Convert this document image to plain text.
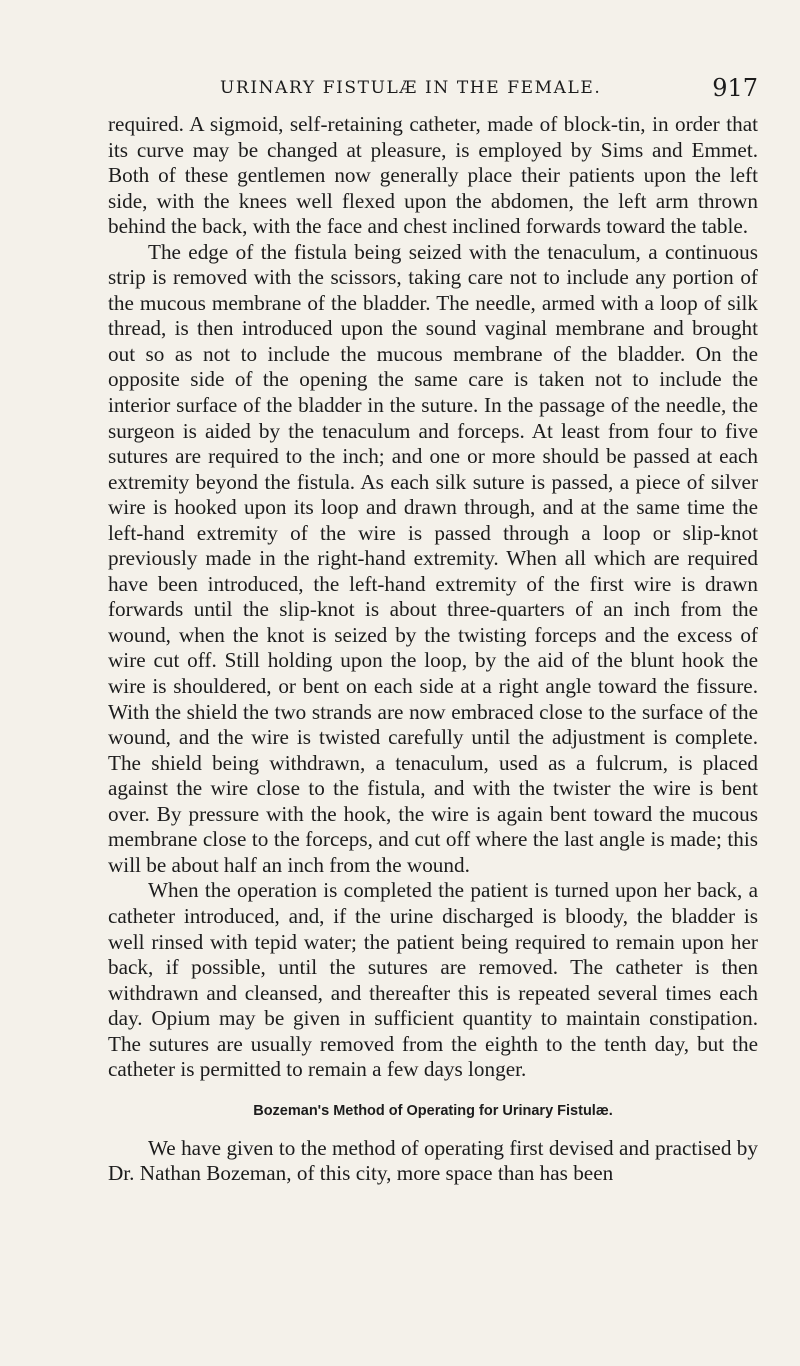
URINARY FISTULÆ IN THE FEMALE.	917

required. A sigmoid, self-retaining catheter, made of block-tin, in order that its curve may be changed at pleasure, is employed by Sims and Emmet. Both of these gentlemen now generally place their patients upon the left side, with the knees well flexed upon the abdomen, the left arm thrown behind the back, with the face and chest inclined forwards toward the table.

The edge of the fistula being seized with the tenaculum, a continuous strip is removed with the scissors, taking care not to include any portion of the mucous membrane of the bladder. The needle, armed with a loop of silk thread, is then introduced upon the sound vaginal membrane and brought out so as not to include the mucous membrane of the bladder. On the opposite side of the opening the same care is taken not to include the interior surface of the bladder in the suture. In the passage of the needle, the surgeon is aided by the tenaculum and forceps. At least from four to five sutures are required to the inch; and one or more should be passed at each extremity beyond the fistula. As each silk suture is passed, a piece of silver wire is hooked upon its loop and drawn through, and at the same time the left-hand extremity of the wire is passed through a loop or slip-knot previously made in the right-hand extremity. When all which are required have been introduced, the left-hand extremity of the first wire is drawn forwards until the slip-knot is about three-quarters of an inch from the wound, when the knot is seized by the twisting forceps and the excess of wire cut off. Still holding upon the loop, by the aid of the blunt hook the wire is shouldered, or bent on each side at a right angle toward the fissure. With the shield the two strands are now embraced close to the surface of the wound, and the wire is twisted carefully until the adjustment is complete. The shield being withdrawn, a tenaculum, used as a fulcrum, is placed against the wire close to the fistula, and with the twister the wire is bent over. By pressure with the hook, the wire is again bent toward the mucous membrane close to the forceps, and cut off where the last angle is made; this will be about half an inch from the wound.

When the operation is completed the patient is turned upon her back, a catheter introduced, and, if the urine discharged is bloody, the bladder is well rinsed with tepid water; the patient being required to remain upon her back, if possible, until the sutures are removed. The catheter is then withdrawn and cleansed, and thereafter this is repeated several times each day. Opium may be given in sufficient quantity to maintain constipation. The sutures are usually removed from the eighth to the tenth day, but the catheter is permitted to remain a few days longer.

Bozeman's Method of Operating for Urinary Fistulæ.

We have given to the method of operating first devised and practised by Dr. Nathan Bozeman, of this city, more space than has been
